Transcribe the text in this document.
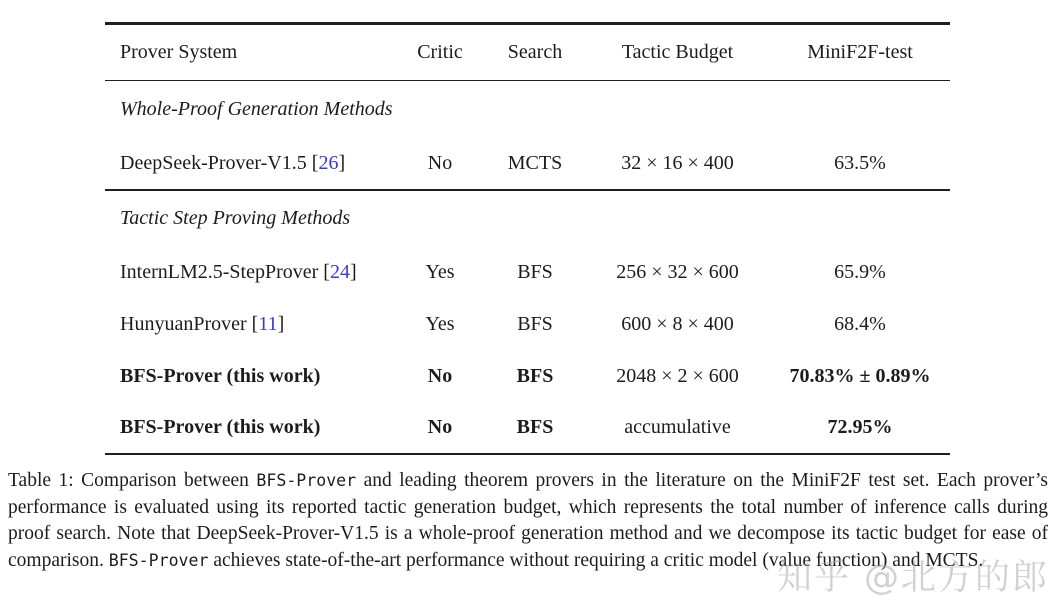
Prover System	Critic	Search	Tactic Budget	MiniF2F-test
Whole-Proof Generation Methods
DeepSeek-Prover-V1.5 [26]	No	MCTS	32 × 16 × 400	63.5%
Tactic Step Proving Methods
InternLM2.5-StepProver [24]	Yes	BFS	256 × 32 × 600	65.9%
HunyuanProver [11]	Yes	BFS	600 × 8 × 400	68.4%
BFS-Prover (this work)	No	BFS	2048 × 2 × 600	70.83% ± 0.89%
BFS-Prover (this work)	No	BFS	accumulative	72.95%
Table 1: Comparison between BFS-Prover and leading theorem provers in the literature on the MiniF2F test set. Each prover’s performance is evaluated using its reported tactic generation budget, which represents the total number of inference calls during proof search. Note that DeepSeek-Prover-V1.5 is a whole-proof generation method and we decompose its tactic budget for ease of comparison. BFS-Prover achieves state-of-the-art performance without requiring a critic model (value function) and MCTS.
知乎 @北方的郎
